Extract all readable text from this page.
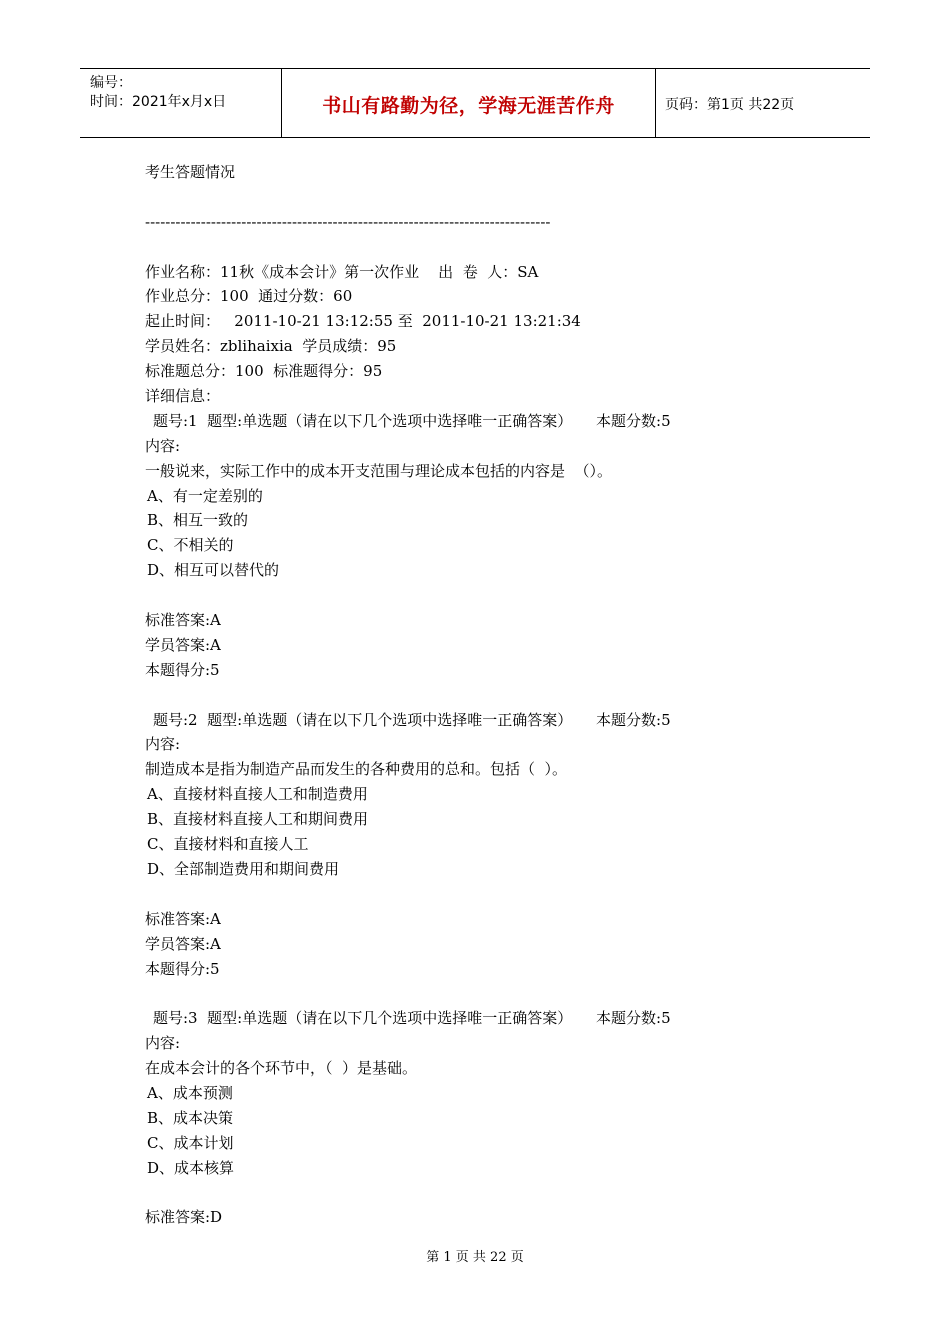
编号：
时间：2021年x月x日	书山有路勤为径，学海无涯苦作舟	页码：第1页 共22页
考生答题情况
--------------------------------------------------------------------------------
作业名称：11秋《成本会计》第一次作业    出  卷  人：SA
作业总分：100  通过分数：60
起止时间：   2011-10-21 13:12:55 至  2011-10-21 13:21:34
学员姓名：zblihaixia  学员成绩：95
标准题总分：100  标准题得分：95
详细信息：
题号:1  题型:单选题（请在以下几个选项中选择唯一正确答案）     本题分数:5
内容:
一般说来，实际工作中的成本开支范围与理论成本包括的内容是  （）。
A、有一定差别的
B、相互一致的
C、不相关的
D、相互可以替代的
标准答案:A
学员答案:A
本题得分:5
题号:2  题型:单选题（请在以下几个选项中选择唯一正确答案）     本题分数:5
内容:
制造成本是指为制造产品而发生的各种费用的总和。包括（  ）。
A、直接材料直接人工和制造费用
B、直接材料直接人工和期间费用
C、直接材料和直接人工
D、全部制造费用和期间费用
标准答案:A
学员答案:A
本题得分:5
题号:3  题型:单选题（请在以下几个选项中选择唯一正确答案）     本题分数:5
内容:
在成本会计的各个环节中，（  ）是基础。
A、成本预测
B、成本决策
C、成本计划
D、成本核算
标准答案:D
第 1 页 共 22 页
